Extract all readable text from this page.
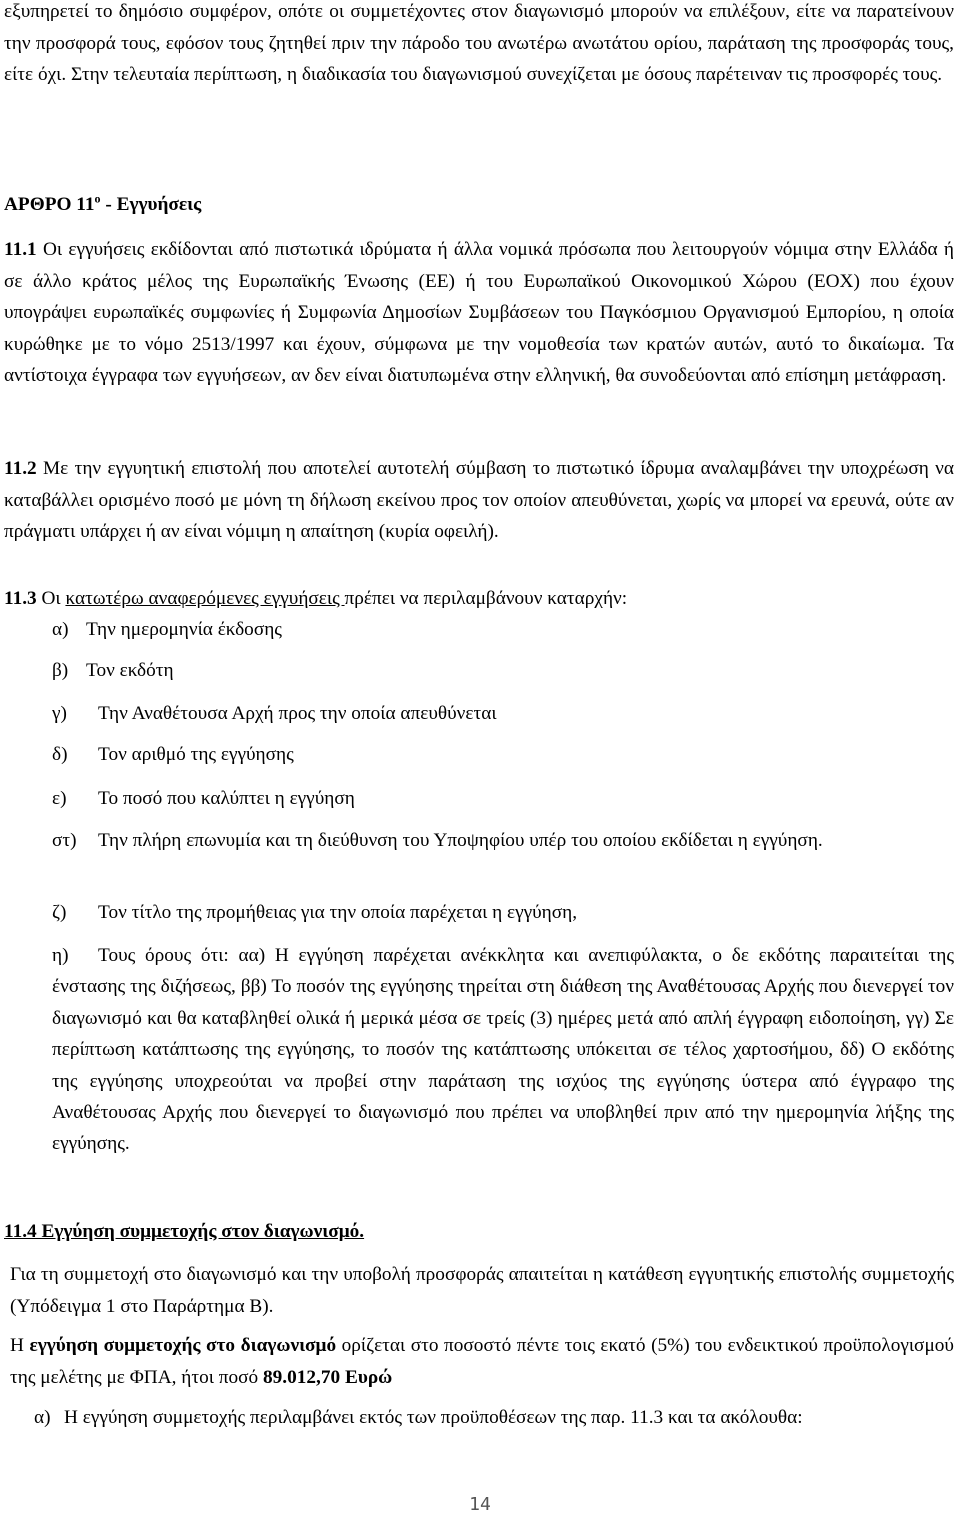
εξυπηρετεί το δημόσιο συμφέρον, οπότε οι συμμετέχοντες στον διαγωνισμό μπορούν να επιλέξουν, είτε να παρατείνουν την προσφορά τους, εφόσον τους ζητηθεί πριν την πάροδο του ανωτέρω ανωτάτου ορίου, παράταση της προσφοράς τους, είτε όχι. Στην τελευταία περίπτωση, η διαδικασία του διαγωνισμού συνεχίζεται με όσους παρέτειναν τις προσφορές τους.

ΑΡΘΡΟ $11^o$ - Εγγυήσεις

11.1 Οι εγγυήσεις εκδίδονται από πιστωτικά ιδρύματα ή άλλα νομικά πρόσωπα που λειτουργούν νόμιμα στην Ελλάδα ή σε άλλο κράτος μέλος της Ευρωπαϊκής Ένωσης (ΕΕ) ή του Ευρωπαϊκού Οικονομικού Χώρου (ΕΟΧ) που έχουν υπογράψει ευρωπαϊκές συμφωνίες ή Συμφωνία Δημοσίων Συμβάσεων του Παγκόσμιου Οργανισμού Εμπορίου, η οποία κυρώθηκε με το νόμο 2513/1997 και έχουν, σύμφωνα με την νομοθεσία των κρατών αυτών, αυτό το δικαίωμα. Τα αντίστοιχα έγγραφα των εγγυήσεων, αν δεν είναι διατυπωμένα στην ελληνική, θα συνοδεύονται από επίσημη μετάφραση.

11.2 Με την εγγυητική επιστολή που αποτελεί αυτοτελή σύμβαση το πιστωτικό ίδρυμα αναλαμβάνει την υποχρέωση να καταβάλλει ορισμένο ποσό με μόνη τη δήλωση εκείνου προς τον οποίον απευθύνεται, χωρίς να μπορεί να ερευνά, ούτε αν πράγματι υπάρχει ή αν είναι νόμιμη η απαίτηση (κυρία οφειλή).

11.3 Οι κατωτέρω αναφερόμενες εγγυήσεις πρέπει να περιλαμβάνουν καταρχήν:

α) Την ημερομηνία έκδοσης

β) Τον εκδότη

γ) Την Αναθέτουσα Αρχή προς την οποία απευθύνεται

δ) Τον αριθμό της εγγύησης

ε) Το ποσό που καλύπτει η εγγύηση

στ) Την πλήρη επωνυμία και τη διεύθυνση του Υποψηφίου υπέρ του οποίου εκδίδεται η εγγύηση.

ζ) Τον τίτλο της προμήθειας για την οποία παρέχεται η εγγύηση,

η) Τους όρους ότι: αα) Η εγγύηση παρέχεται ανέκκλητα και ανεπιφύλακτα, ο δε εκδότης παραιτείται της ένστασης της διζήσεως, ββ) Το ποσόν της εγγύησης τηρείται στη διάθεση της Αναθέτουσας Αρχής που διενεργεί τον διαγωνισμό και θα καταβληθεί ολικά ή μερικά μέσα σε τρείς (3) ημέρες μετά από απλή έγγραφη ειδοποίηση, γγ) Σε περίπτωση κατάπτωσης της εγγύησης, το ποσόν της κατάπτωσης υπόκειται σε τέλος χαρτοσήμου, δδ) Ο εκδότης της εγγύησης υποχρεούται να προβεί στην παράταση της ισχύος της εγγύησης ύστερα από έγγραφο της Αναθέτουσας Αρχής που διενεργεί το διαγωνισμό που πρέπει να υποβληθεί πριν από την ημερομηνία λήξης της εγγύησης.

11.4 Εγγύηση συμμετοχής στον διαγωνισμό.

Για τη συμμετοχή στο διαγωνισμό και την υποβολή προσφοράς απαιτείται η κατάθεση εγγυητικής επιστολής συμμετοχής (Υπόδειγμα 1 στο Παράρτημα Β).

Η εγγύηση συμμετοχής στο διαγωνισμό ορίζεται στο ποσοστό πέντε τοις εκατό (5%) του ενδεικτικού προϋπολογισμού της μελέτης με ΦΠΑ, ήτοι ποσό 89.012,70 Ευρώ

α) Η εγγύηση συμμετοχής περιλαμβάνει εκτός των προϋποθέσεων της παρ. 11.3 και τα ακόλουθα:

14
